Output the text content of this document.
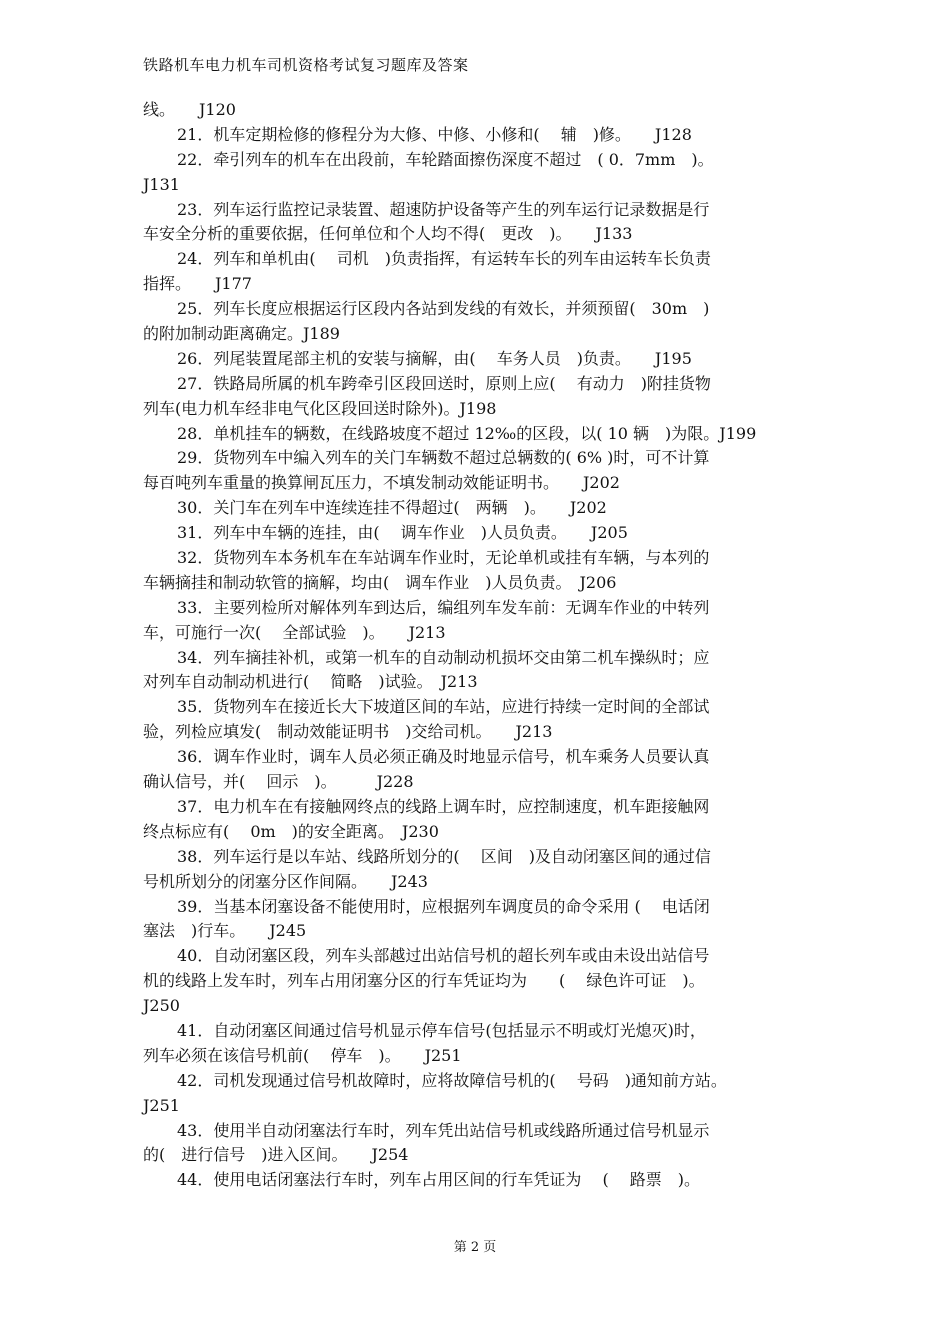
铁路机车电力机车司机资格考试复习题库及答案
线。　　J120
21．机车定期检修的修程分为大修、中修、小修和(　 辅　)修。　　J128
22．牵引列车的机车在出段前，车轮踏面擦伤深度不超过　( 0．7mm　)。
J131
23．列车运行监控记录装置、超速防护设备等产生的列车运行记录数据是行
车安全分析的重要依据，任何单位和个人均不得(　更改　)。　　J133
24．列车和单机由(　 司机　)负责指挥，有运转车长的列车由运转车长负责
指挥。　　J177
25．列车长度应根据运行区段内各站到发线的有效长，并须预留(　30m　)
的附加制动距离确定。J189
26．列尾装置尾部主机的安装与摘解，由(　 车务人员　)负责。　　J195
27．铁路局所属的机车跨牵引区段回送时，原则上应(　 有动力　)附挂货物
列车(电力机车经非电气化区段回送时除外)。J198
28．单机挂车的辆数，在线路坡度不超过 12‰的区段，以( 10 辆　)为限。J199
29．货物列车中编入列车的关门车辆数不超过总辆数的( 6% )时，可不计算
每百吨列车重量的换算闸瓦压力，不填发制动效能证明书。　　J202
30．关门车在列车中连续连挂不得超过(　两辆　)。　　J202
31．列车中车辆的连挂，由(　 调车作业　)人员负责。　　J205
32．货物列车本务机车在车站调车作业时，无论单机或挂有车辆，与本列的
车辆摘挂和制动软管的摘解，均由(　调车作业　)人员负责。　J206
33．主要列检所对解体列车到达后，编组列车发车前：无调车作业的中转列
车，可施行一次(　 全部试验　)。　　J213
34．列车摘挂补机，或第一机车的自动制动机损坏交由第二机车操纵时；应
对列车自动制动机进行(　 简略　)试验。　J213
35．货物列车在接近长大下坡道区间的车站，应进行持续一定时间的全部试
验，列检应填发(　制动效能证明书　)交给司机。　　J213
36．调车作业时，调车人员必须正确及时地显示信号，机车乘务人员要认真
确认信号，并(　 回示　)。　　　J228
37．电力机车在有接触网终点的线路上调车时，应控制速度，机车距接触网
终点标应有(　 0m　)的安全距离。　J230
38．列车运行是以车站、线路所划分的(　 区间　)及自动闭塞区间的通过信
号机所划分的闭塞分区作间隔。　　J243
39．当基本闭塞设备不能使用时，应根据列车调度员的命令采用 (　 电话闭
塞法　)行车。　　J245
40．自动闭塞区段，列车头部越过出站信号机的超长列车或由未设出站信号
机的线路上发车时，列车占用闭塞分区的行车凭证均为　　(　 绿色许可证　)。
J250
41．自动闭塞区间通过信号机显示停车信号(包括显示不明或灯光熄灭)时，
列车必须在该信号机前(　 停车　)。　　J251
42．司机发现通过信号机故障时，应将故障信号机的(　 号码　)通知前方站。
J251
43．使用半自动闭塞法行车时，列车凭出站信号机或线路所通过信号机显示
的(　进行信号　)进入区间。　　J254
44．使用电话闭塞法行车时，列车占用区间的行车凭证为　 (　 路票　)。
第 2 页
